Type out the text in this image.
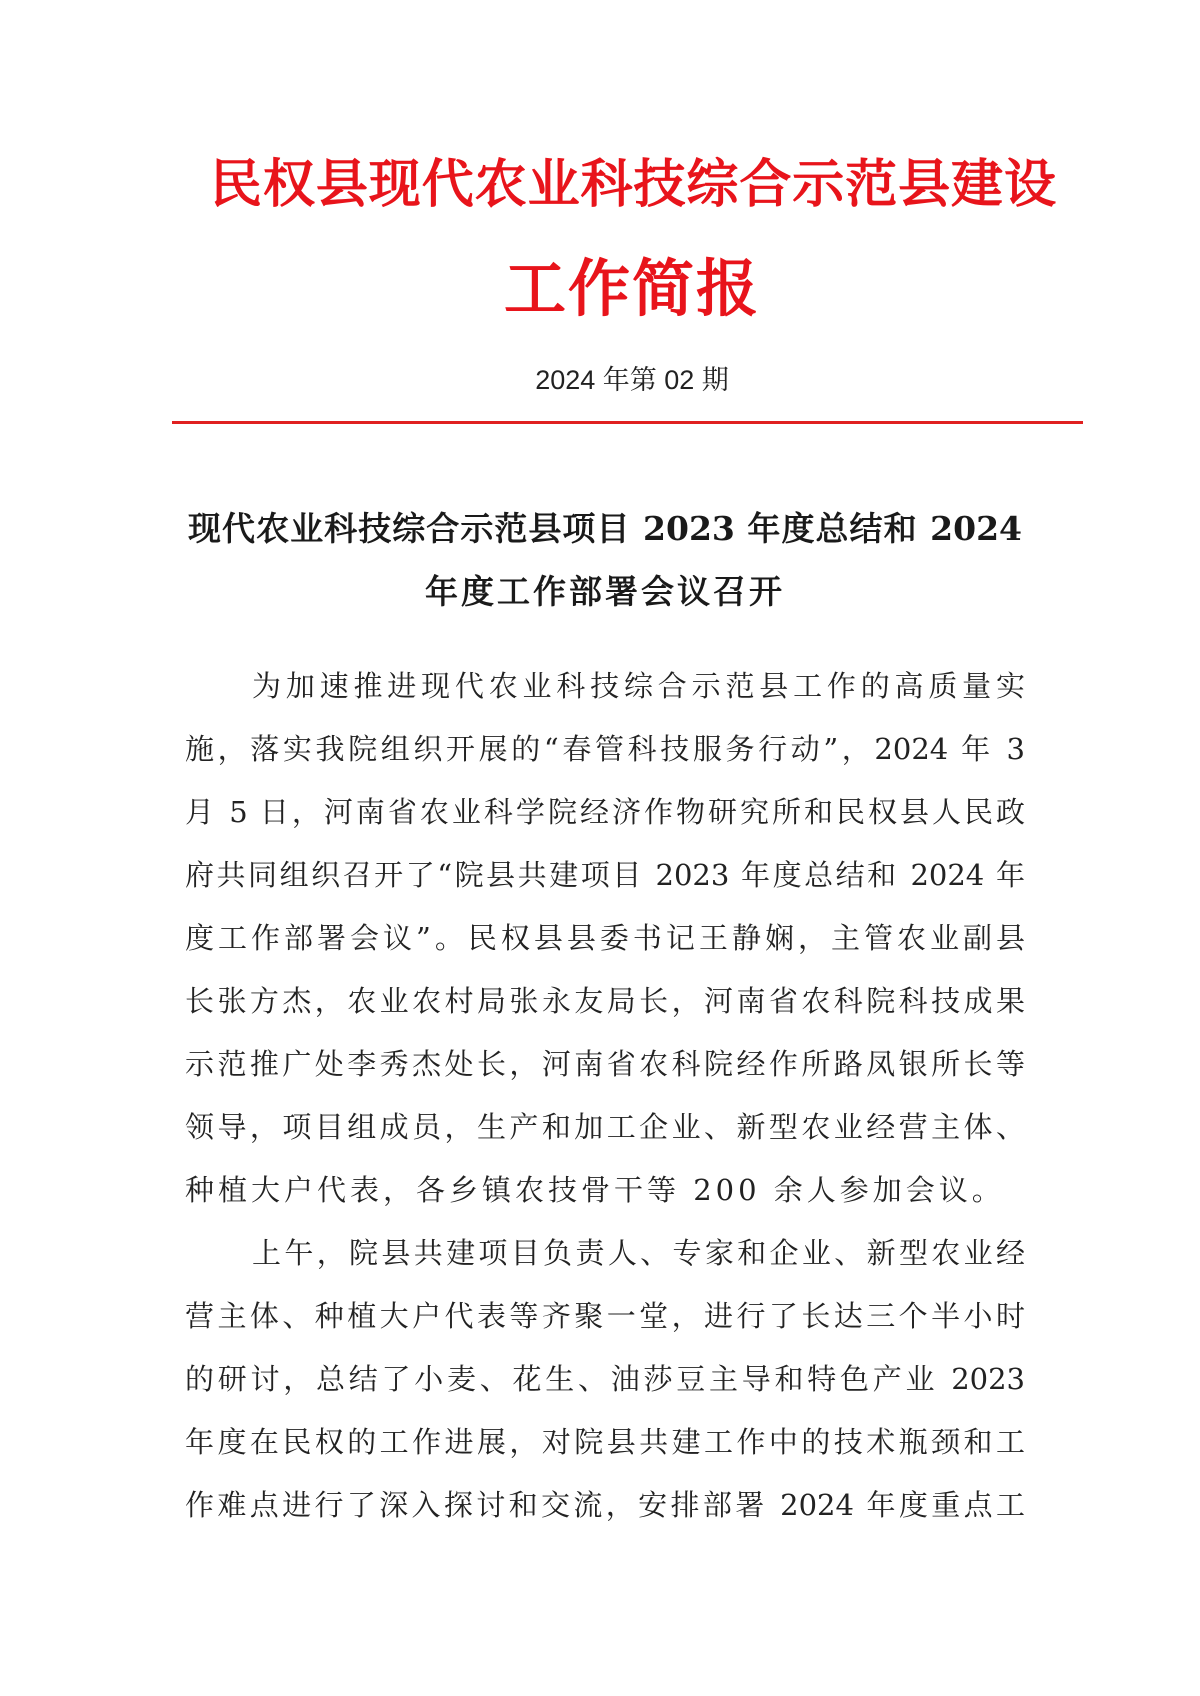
民权县现代农业科技综合示范县建设
工作简报
2024 年第 02 期
现代农业科技综合示范县项目 2023 年度总结和 2024
年度工作部署会议召开
为加速推进现代农业科技综合示范县工作的高质量实
施，落实我院组织开展的“春管科技服务行动”，2024 年 3
月 5 日，河南省农业科学院经济作物研究所和民权县人民政
府共同组织召开了“院县共建项目 2023 年度总结和 2024 年
度工作部署会议”。民权县县委书记王静娴，主管农业副县
长张方杰，农业农村局张永友局长，河南省农科院科技成果
示范推广处李秀杰处长，河南省农科院经作所路凤银所长等
领导，项目组成员，生产和加工企业、新型农业经营主体、
种植大户代表，各乡镇农技骨干等 200 余人参加会议。
上午，院县共建项目负责人、专家和企业、新型农业经
营主体、种植大户代表等齐聚一堂，进行了长达三个半小时
的研讨，总结了小麦、花生、油莎豆主导和特色产业 2023
年度在民权的工作进展，对院县共建工作中的技术瓶颈和工
作难点进行了深入探讨和交流，安排部署 2024 年度重点工
